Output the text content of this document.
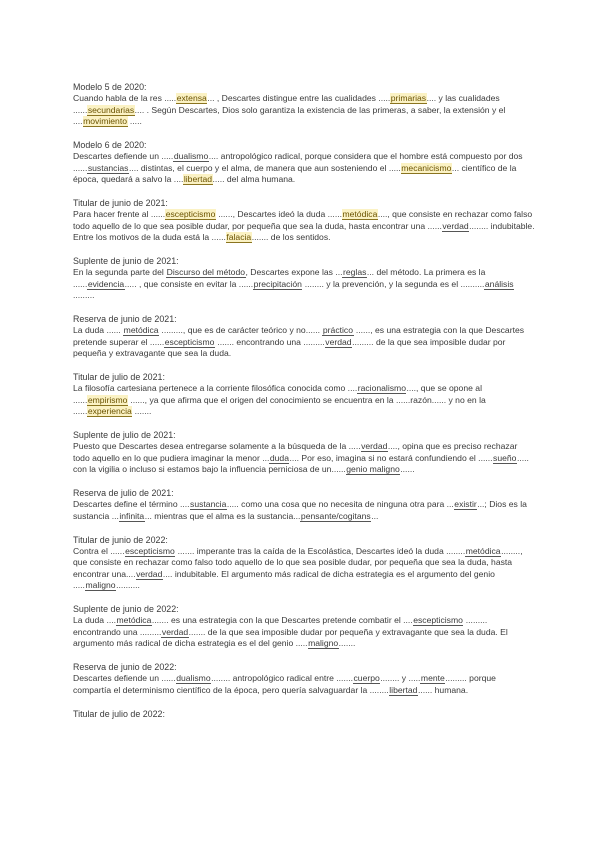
Modelo 5 de 2020:
Cuando habla de la res .....extensa... , Descartes distingue entre las cualidades .....primarias.... y las cualidades ......secundarias.... . Según Descartes, Dios solo garantiza la existencia de las primeras, a saber, la extensión y el ....movimiento .....
Modelo 6 de 2020:
Descartes defiende un .....dualismo.... antropológico radical, porque considera que el hombre está compuesto por dos ......sustancias.... distintas, el cuerpo y el alma, de manera que aun sosteniendo el .....mecanicismo... científico de la época, quedará a salvo la ....libertad..... del alma humana.
Titular de junio de 2021:
Para hacer frente al ......escepticismo ......, Descartes ideó la duda ......metódica...., que consiste en rechazar como falso todo aquello de lo que sea posible dudar, por pequeña que sea la duda, hasta encontrar una ......verdad........ indubitable. Entre los motivos de la duda está la ......falacia....... de los sentidos.
Suplente de junio de 2021:
En la segunda parte del Discurso del método, Descartes expone las ...reglas... del método. La primera es la ......evidencia..... , que consiste en evitar la ......precipitación ........ y la prevención, y la segunda es el ..........análisis .........
Reserva de junio de 2021:
La duda ...... metódica ........., que es de carácter teórico y no...... práctico ......, es una estrategia con la que Descartes pretende superar el ......escepticismo ....... encontrando una .........verdad......... de la que sea imposible dudar por pequeña y extravagante que sea la duda.
Titular de julio de 2021:
La filosofía cartesiana pertenece a la corriente filosófica conocida como ....racionalismo...., que se opone al ......empirismo ......, ya que afirma que el origen del conocimiento se encuentra en la ......razón...... y no en la ......experiencia .......
Suplente de julio de 2021:
Puesto que Descartes desea entregarse solamente a la búsqueda de la .....verdad...., opina que es preciso rechazar todo aquello en lo que pudiera imaginar la menor ...duda.... Por eso, imagina si no estará confundiendo el ......sueño..... con la vigilia o incluso si estamos bajo la influencia perniciosa de un......genio maligno......
Reserva de julio de 2021:
Descartes define el término ....sustancia..... como una cosa que no necesita de ninguna otra para ...existir...; Dios es la sustancia ...infinita... mientras que el alma es la sustancia...pensante/cogitans...
Titular de junio de 2022:
Contra el ......escepticismo ....... imperante tras la caída de la Escolástica, Descartes ideó la duda ........metódica........, que consiste en rechazar como falso todo aquello de lo que sea posible dudar, por pequeña que sea la duda, hasta encontrar una....verdad.... indubitable. El argumento más radical de dicha estrategia es el argumento del genio .....maligno..........
Suplente de junio de 2022:
La duda ....metódica....... es una estrategia con la que Descartes pretende combatir el ....escepticismo ......... encontrando una .........verdad....... de la que sea imposible dudar por pequeña y extravagante que sea la duda. El argumento más radical de dicha estrategia es el del genio .....maligno.......
Reserva de junio de 2022:
Descartes defiende un ......dualismo........ antropológico radical entre .......cuerpo........ y .....mente......... porque compartía el determinismo científico de la época, pero quería salvaguardar la ........libertad...... humana.
Titular de julio de 2022:
